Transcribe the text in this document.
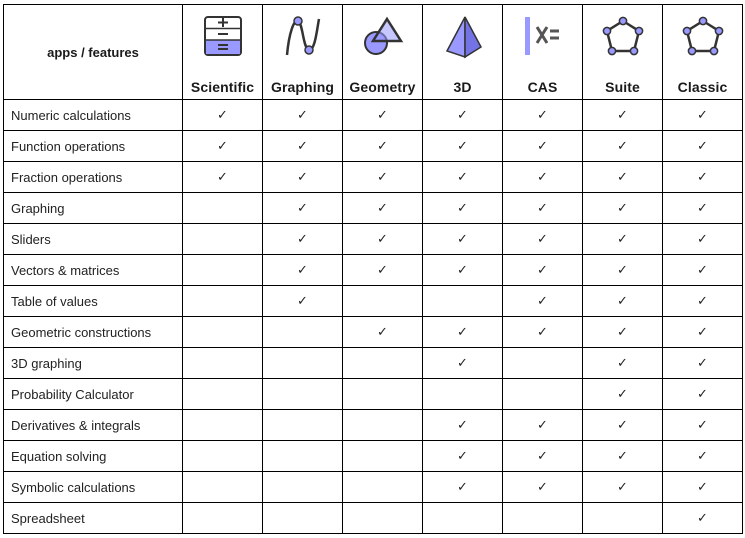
apps / features	Scientific	Graphing	Geometry	3D	CAS	Suite	Classic

Numeric calculations	✓	✓	✓	✓	✓	✓	✓
Function operations	✓	✓	✓	✓	✓	✓	✓
Fraction operations	✓	✓	✓	✓	✓	✓	✓
Graphing		✓	✓	✓	✓	✓	✓
Sliders		✓	✓	✓	✓	✓	✓
Vectors & matrices		✓	✓	✓	✓	✓	✓
Table of values		✓			✓	✓	✓
Geometric constructions			✓	✓	✓	✓	✓
3D graphing				✓		✓	✓
Probability Calculator						✓	✓
Derivatives & integrals				✓	✓	✓	✓
Equation solving				✓	✓	✓	✓
Symbolic calculations				✓	✓	✓	✓
Spreadsheet							✓
